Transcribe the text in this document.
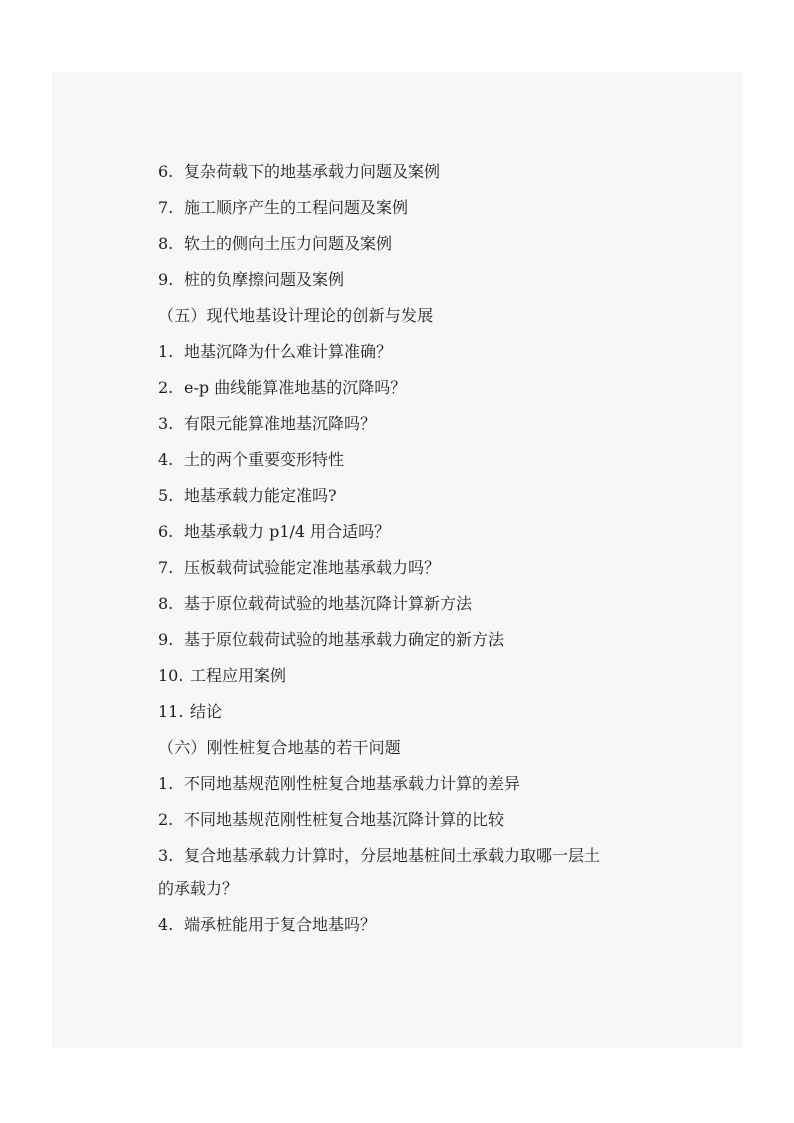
6. 复杂荷载下的地基承载力问题及案例
7. 施工顺序产生的工程问题及案例
8. 软土的侧向土压力问题及案例
9. 桩的负摩擦问题及案例
（五）现代地基设计理论的创新与发展
1. 地基沉降为什么难计算准确？
2. e-p 曲线能算准地基的沉降吗？
3. 有限元能算准地基沉降吗？
4. 土的两个重要变形特性
5. 地基承载力能定准吗?
6. 地基承载力 p1/4 用合适吗？
7. 压板载荷试验能定准地基承载力吗？
8. 基于原位载荷试验的地基沉降计算新方法
9. 基于原位载荷试验的地基承载力确定的新方法
10. 工程应用案例
11. 结论
（六）刚性桩复合地基的若干问题
1. 不同地基规范刚性桩复合地基承载力计算的差异
2. 不同地基规范刚性桩复合地基沉降计算的比较
3. 复合地基承载力计算时，分层地基桩间土承载力取哪一层土
的承载力？
4. 端承桩能用于复合地基吗？
